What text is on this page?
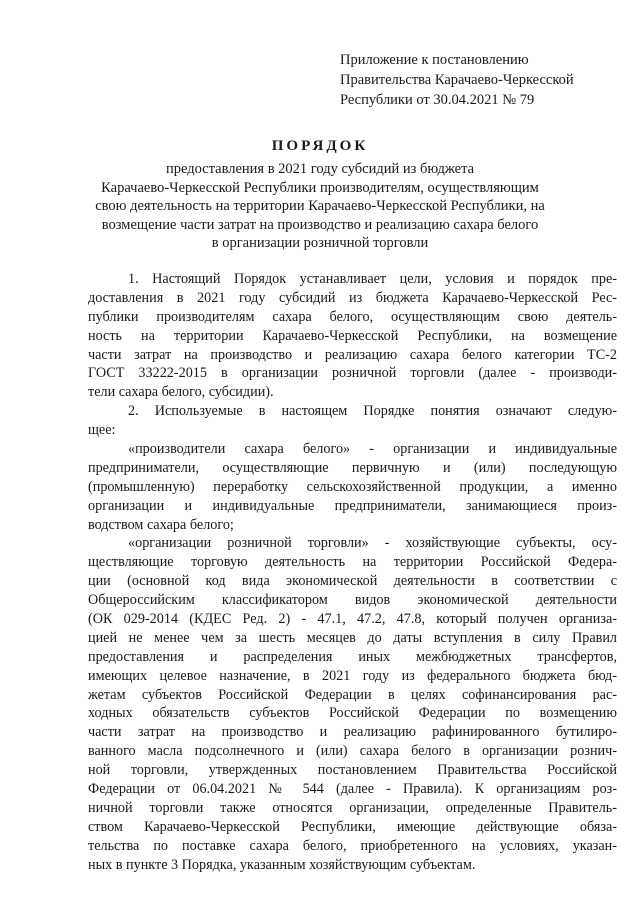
Приложение к постановлению
Правительства Карачаево-Черкесской
Республики от 30.04.2021 № 79
ПОРЯДОК
предоставления в 2021 году субсидий из бюджета
Карачаево-Черкесской Республики производителям, осуществляющим
свою деятельность на территории Карачаево-Черкесской Республики, на
возмещение части затрат на производство и реализацию сахара белого
в организации розничной торговли
1. Настоящий Порядок устанавливает цели, условия и порядок пре-
доставления в 2021 году субсидий из бюджета Карачаево-Черкесской Рес-
публики производителям сахара белого, осуществляющим свою деятель-
ность на территории Карачаево-Черкесской Республики, на возмещение
части затрат на производство и реализацию сахара белого категории ТС-2
ГОСТ 33222-2015 в организации розничной торговли (далее - производи-
тели сахара белого, субсидии).
2. Используемые в настоящем Порядке понятия означают следую-
щее:
«производители сахара белого» - организации и индивидуальные
предприниматели, осуществляющие первичную и (или) последующую
(промышленную) переработку сельскохозяйственной продукции, а именно
организации и индивидуальные предприниматели, занимающиеся произ-
водством сахара белого;
«организации розничной торговли» - хозяйствующие субъекты, осу-
ществляющие торговую деятельность на территории Российской Федера-
ции (основной код вида экономической деятельности в соответствии с
Общероссийским классификатором видов экономической деятельности
(ОК 029-2014 (КДЕС Ред. 2) - 47.1, 47.2, 47.8, который получен организа-
цией не менее чем за шесть месяцев до даты вступления в силу Правил
предоставления и распределения иных межбюджетных трансфертов,
имеющих целевое назначение, в 2021 году из федерального бюджета бюд-
жетам субъектов Российской Федерации в целях софинансирования рас-
ходных обязательств субъектов Российской Федерации по возмещению
части затрат на производство и реализацию рафинированного бутилиро-
ванного масла подсолнечного и (или) сахара белого в организации рознич-
ной торговли, утвержденных постановлением Правительства Российской
Федерации от 06.04.2021 № 544 (далее - Правила). К организациям роз-
ничной торговли также относятся организации, определенные Правитель-
ством Карачаево-Черкесской Республики, имеющие действующие обяза-
тельства по поставке сахара белого, приобретенного на условиях, указан-
ных в пункте 3 Порядка, указанным хозяйствующим субъектам.
